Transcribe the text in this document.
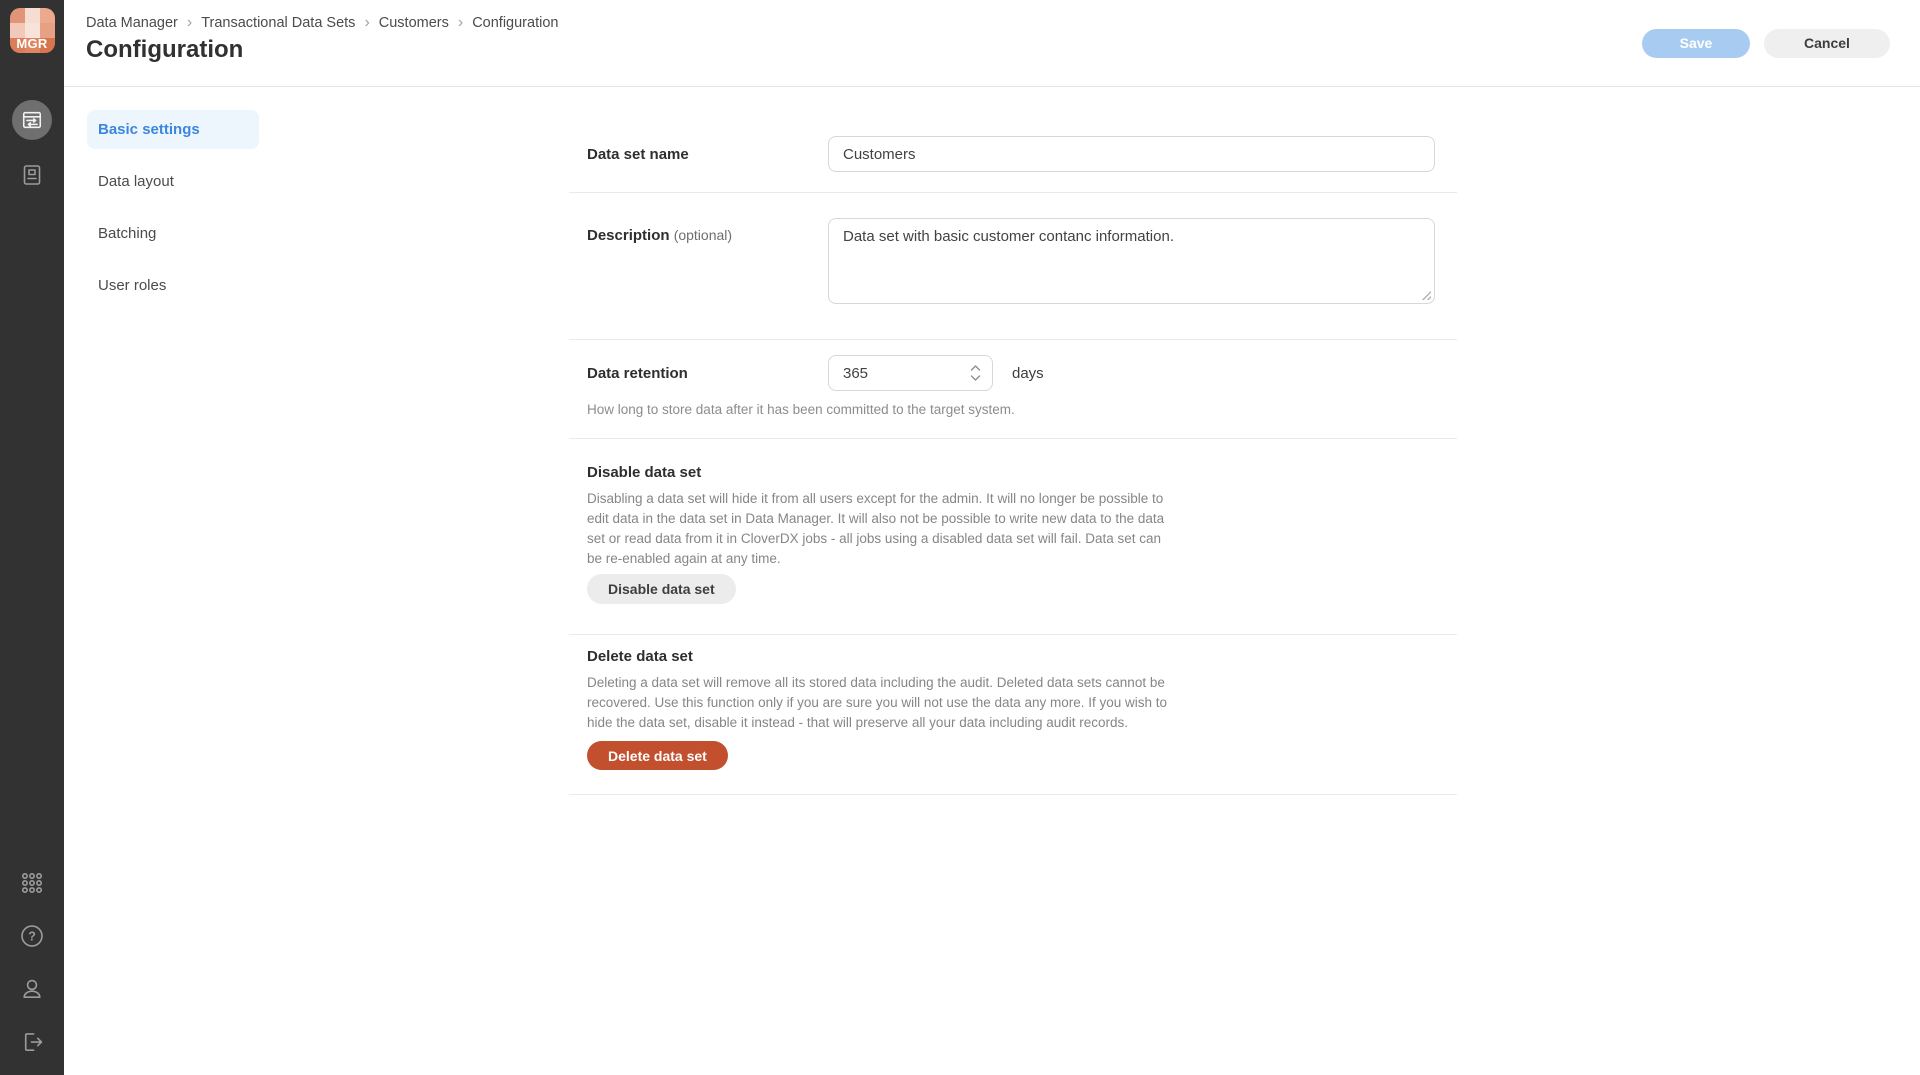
MGR
?
Data Manager › Transactional Data Sets › Customers › Configuration
Configuration	Save	Cancel
Basic settings
Data layout
Batching
User roles
Data set name
Customers
Description (optional)
Data set with basic customer contanc information.
Data retention
365	days
How long to store data after it has been committed to the target system.
Disable data set

Disabling a data set will hide it from all users except for the admin. It will no longer be possible to edit data in the data set in Data Manager. It will also not be possible to write new data to the data set or read data from it in CloverDX jobs - all jobs using a disabled data set will fail. Data set can be re-enabled again at any time.

Disable data set
Delete data set

Deleting a data set will remove all its stored data including the audit. Deleted data sets cannot be recovered. Use this function only if you are sure you will not use the data any more. If you wish to hide the data set, disable it instead - that will preserve all your data including audit records.

Delete data set
